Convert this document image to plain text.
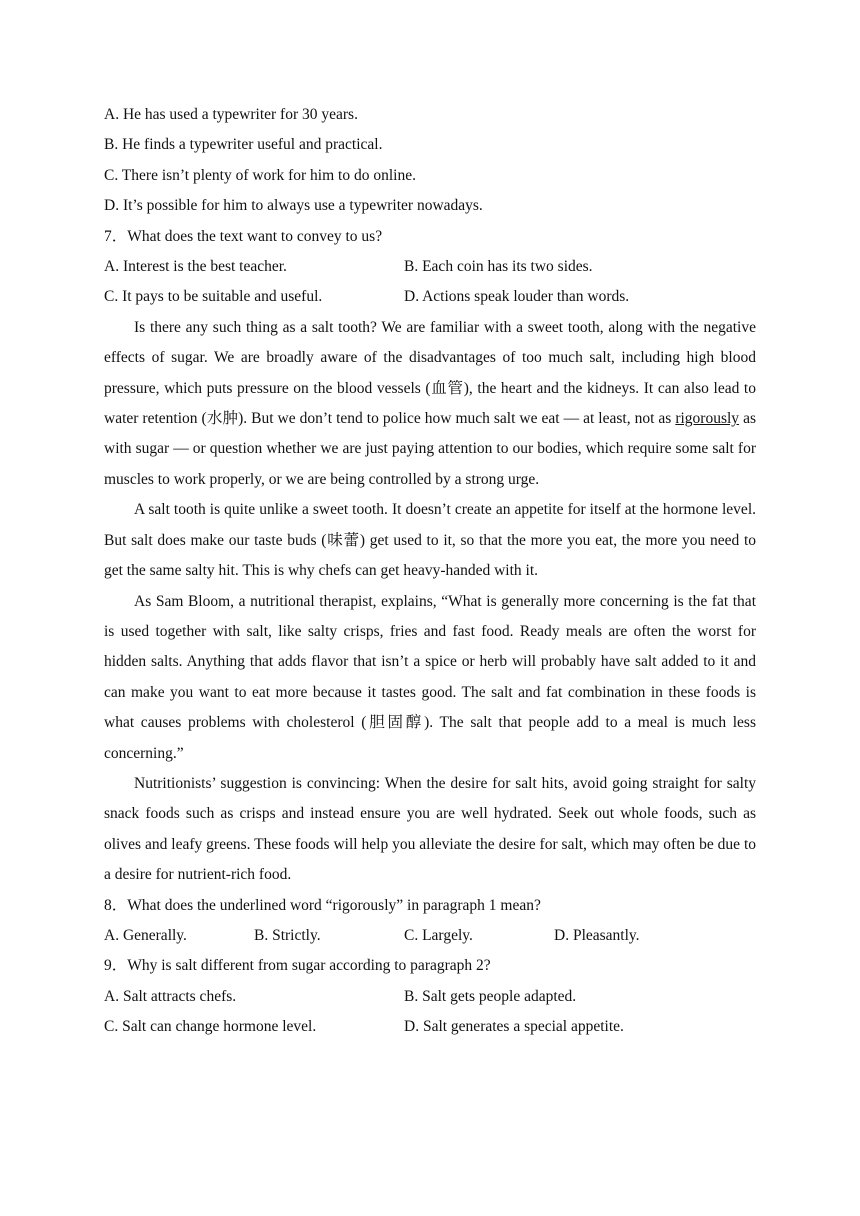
A. He has used a typewriter for 30 years.

B. He finds a typewriter useful and practical.

C. There isn’t plenty of work for him to do online.

D. It’s possible for him to always use a typewriter nowadays.

7．What does the text want to convey to us?

A. Interest is the best teacher.	B. Each coin has its two sides.
C. It pays to be suitable and useful.	D. Actions speak louder than words.

Is there any such thing as a salt tooth? We are familiar with a sweet tooth, along with the negative effects of sugar. We are broadly aware of the disadvantages of too much salt, including high blood pressure, which puts pressure on the blood vessels (血管), the heart and the kidneys. It can also lead to water retention (水肿). But we don’t tend to police how much salt we eat — at least, not as rigorously as with sugar — or question whether we are just paying attention to our bodies, which require some salt for muscles to work properly, or we are being controlled by a strong urge.

A salt tooth is quite unlike a sweet tooth. It doesn’t create an appetite for itself at the hormone level. But salt does make our taste buds (味蕾) get used to it, so that the more you eat, the more you need to get the same salty hit. This is why chefs can get heavy-handed with it.

As Sam Bloom, a nutritional therapist, explains, “What is generally more concerning is the fat that is used together with salt, like salty crisps, fries and fast food. Ready meals are often the worst for hidden salts. Anything that adds flavor that isn’t a spice or herb will probably have salt added to it and can make you want to eat more because it tastes good. The salt and fat combination in these foods is what causes problems with cholesterol (胆固醇). The salt that people add to a meal is much less concerning.”

Nutritionists’ suggestion is convincing: When the desire for salt hits, avoid going straight for salty snack foods such as crisps and instead ensure you are well hydrated. Seek out whole foods, such as olives and leafy greens. These foods will help you alleviate the desire for salt, which may often be due to a desire for nutrient-rich food.

8．What does the underlined word “rigorously” in paragraph 1 mean?

A. Generally.	B. Strictly.	C. Largely.	D. Pleasantly.

9．Why is salt different from sugar according to paragraph 2?

A. Salt attracts chefs.	B. Salt gets people adapted.
C. Salt can change hormone level.	D. Salt generates a special appetite.
